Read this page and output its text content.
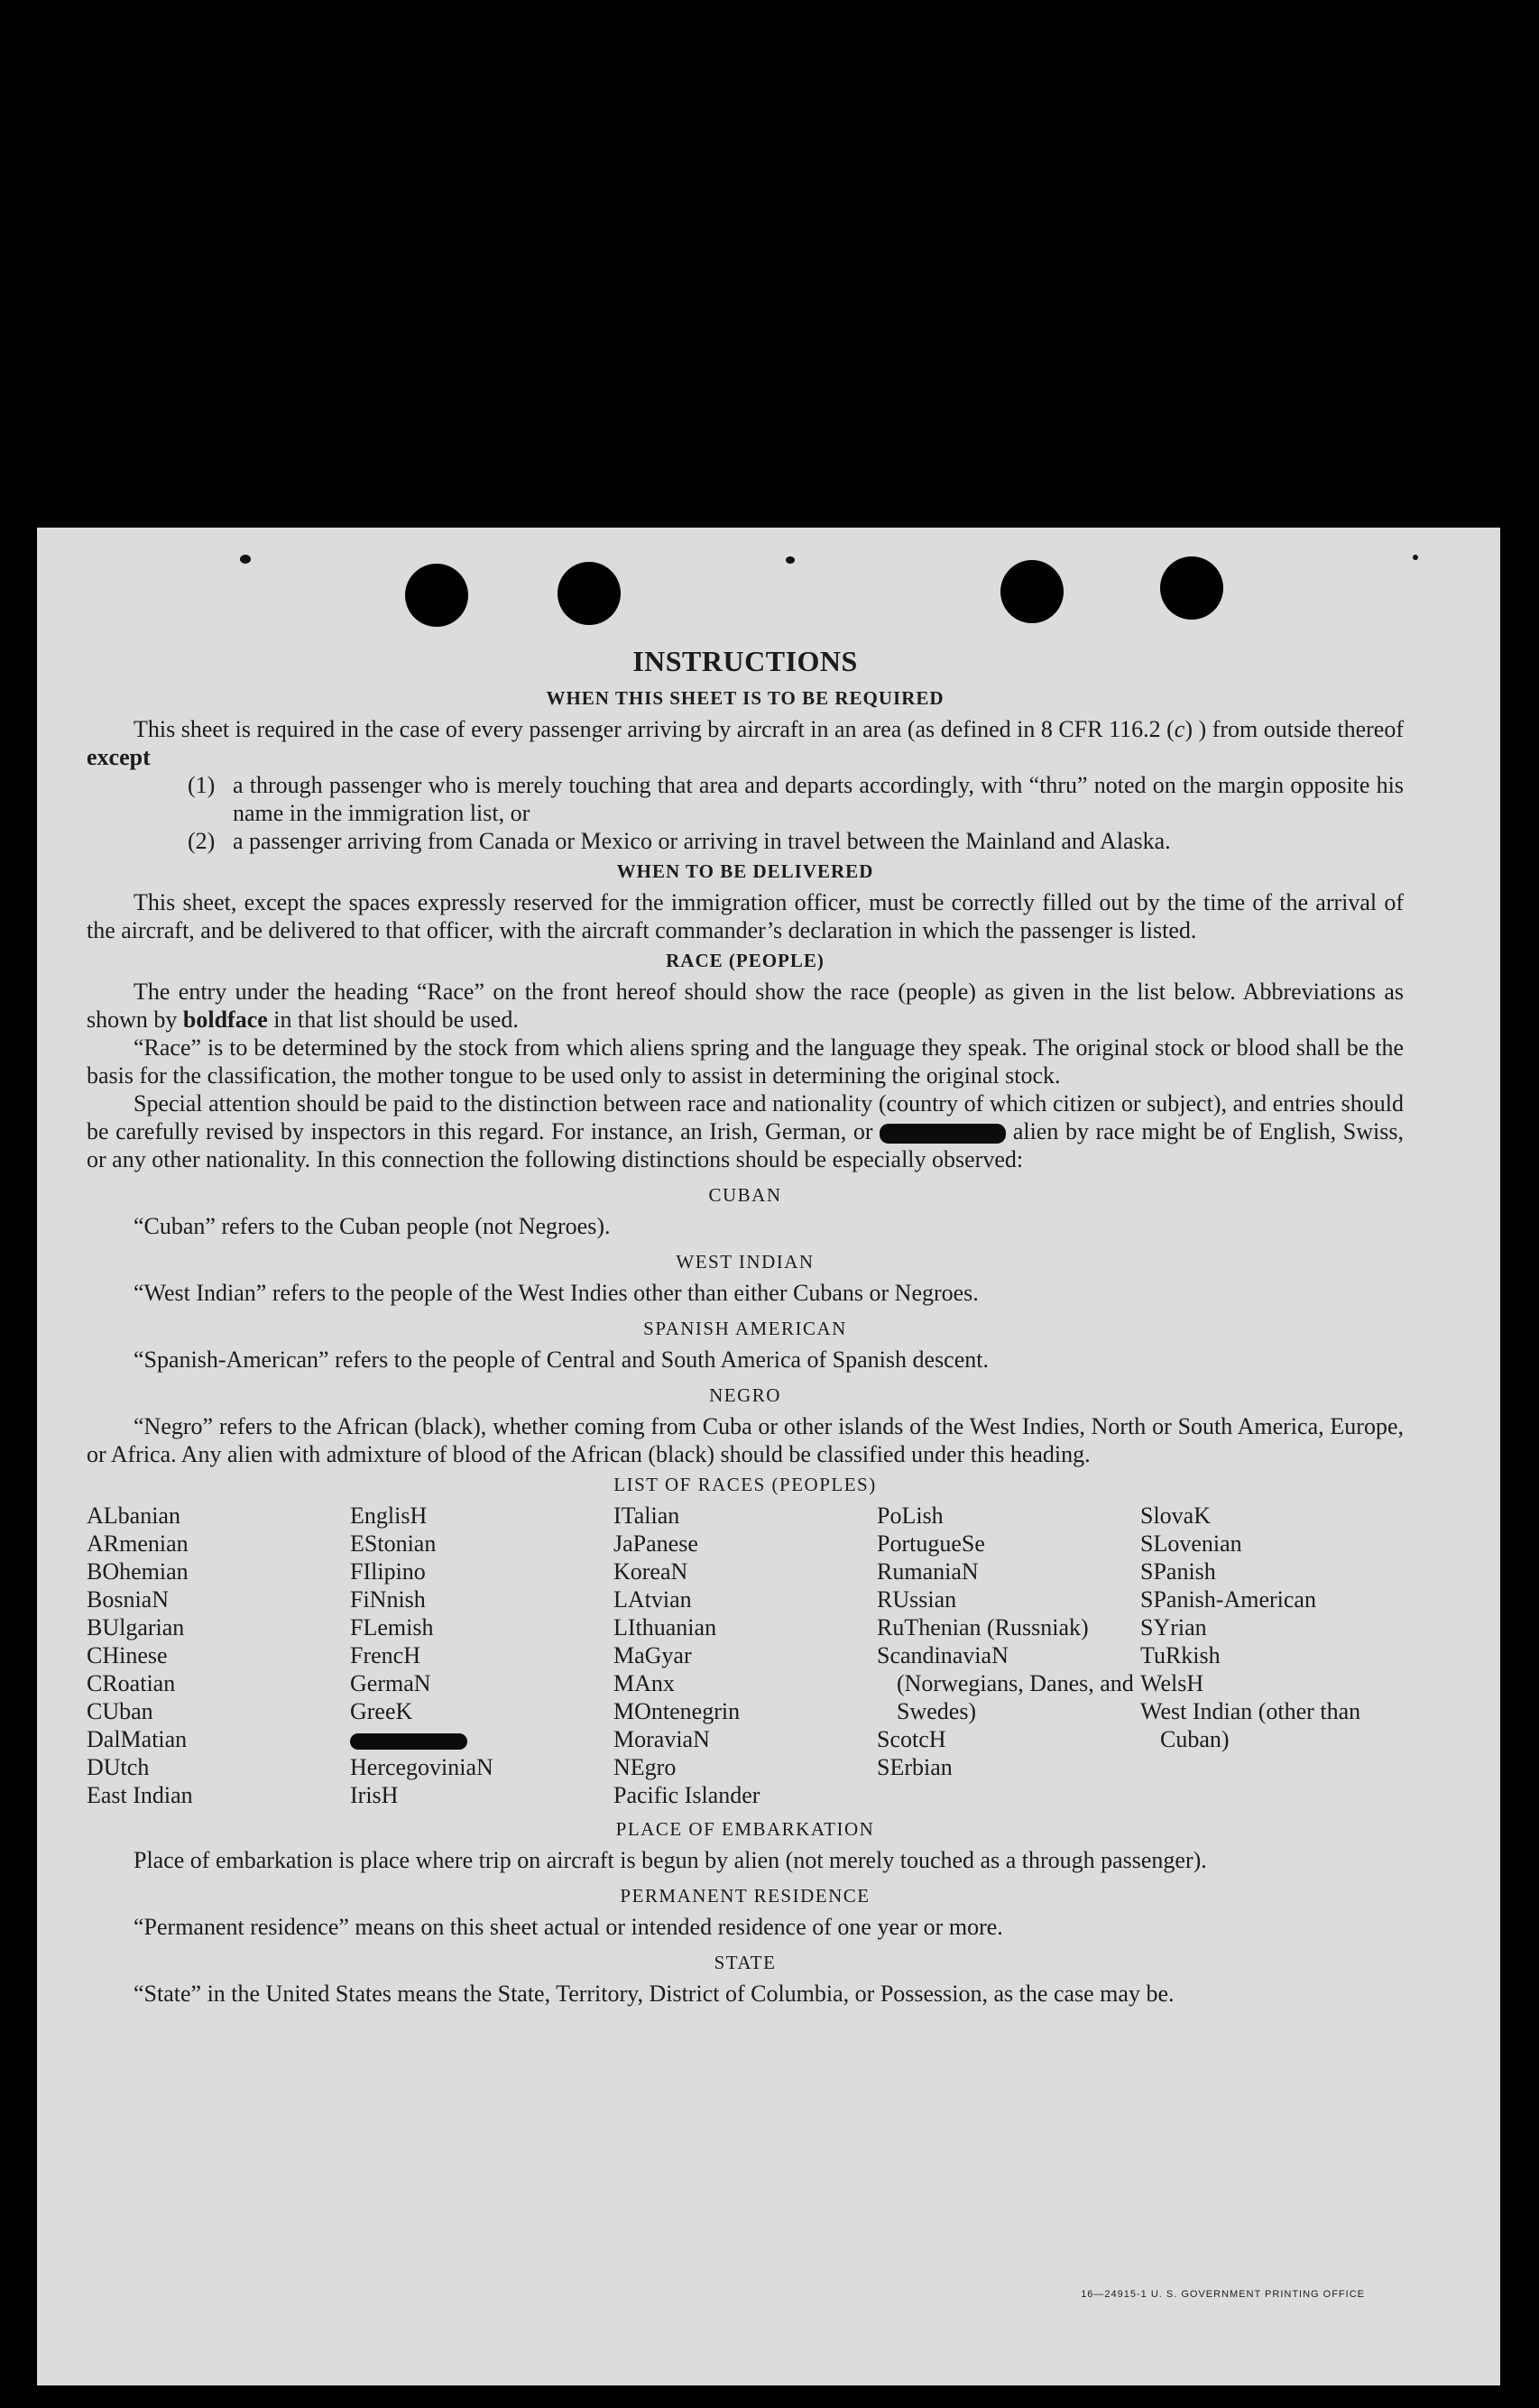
INSTRUCTIONS
WHEN THIS SHEET IS TO BE REQUIRED

This sheet is required in the case of every passenger arriving by aircraft in an area (as defined in 8 CFR 116.2 (c) ) from outside thereof except

(1) a through passenger who is merely touching that area and departs accordingly, with “thru” noted on the margin opposite his name in the immigration list, or
(2) a passenger arriving from Canada or Mexico or arriving in travel between the Mainland and Alaska.
WHEN TO BE DELIVERED

This sheet, except the spaces expressly reserved for the immigration officer, must be correctly filled out by the time of the arrival of the aircraft, and be delivered to that officer, with the aircraft commander’s declaration in which the passenger is listed.

RACE (PEOPLE)

The entry under the heading “Race” on the front hereof should show the race (people) as given in the list below. Abbreviations as shown by boldface in that list should be used.

“Race” is to be determined by the stock from which aliens spring and the language they speak. The original stock or blood shall be the basis for the classification, the mother tongue to be used only to assist in determining the original stock.

Special attention should be paid to the distinction between race and nationality (country of which citizen or subject), and entries should be carefully revised by inspectors in this regard. For instance, an Irish, German, or	alien by race might be of English, Swiss, or any other nationality. In this connection the following distinctions should be especially observed:

CUBAN

“Cuban” refers to the Cuban people (not Negroes).

WEST INDIAN

“West Indian” refers to the people of the West Indies other than either Cubans or Negroes.

SPANISH AMERICAN

“Spanish-American” refers to the people of Central and South America of Spanish descent.

NEGRO

“Negro” refers to the African (black), whether coming from Cuba or other islands of the West Indies, North or South America, Europe, or Africa. Any alien with admixture of blood of the African (black) should be classified under this heading.

LIST OF RACES (PEOPLES)
ALbanian
ARmenian
BOhemian
BosniaN
BUlgarian
CHinese
CRoatian
CUban
DalMatian
DUtch
East Indian
EnglisH
EStonian
FIlipino
FiNnish
FLemish
FrencH
GermaN
GreeK
HercegoviniaN
IrisH
ITalian
JaPanese
KoreaN
LAtvian
LIthuanian
MaGyar
MAnx
MOntenegrin
MoraviaN
NEgro
Pacific Islander
PoLish
PortugueSe
RumaniaN
RUssian
RuThenian (Russniak)
ScandinaviaN (Norwegians, Danes, and Swedes)
ScotcH
SErbian
SlovaK
SLovenian
SPanish
SPanish-American
SYrian
TuRkish
WelsH
West Indian (other than Cuban)
PLACE OF EMBARKATION

Place of embarkation is place where trip on aircraft is begun by alien (not merely touched as a through passenger).

PERMANENT RESIDENCE

“Permanent residence” means on this sheet actual or intended residence of one year or more.

STATE

“State” in the United States means the State, Territory, District of Columbia, or Possession, as the case may be.

16—24915-1 U. S. GOVERNMENT PRINTING OFFICE
